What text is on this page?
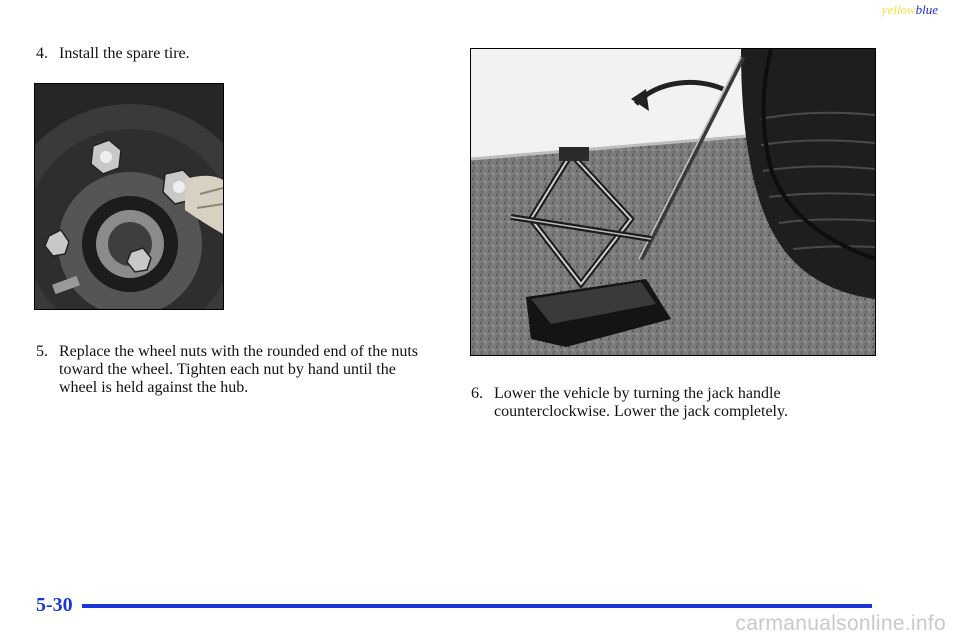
yellowblue

4. Install the spare tire.

5. Replace the wheel nuts with the rounded end of the nuts toward the wheel. Tighten each nut by hand until the wheel is held against the hub.	6. Lower the vehicle by turning the jack handle counterclockwise. Lower the jack completely.

5-30
carmanualsonline.info
